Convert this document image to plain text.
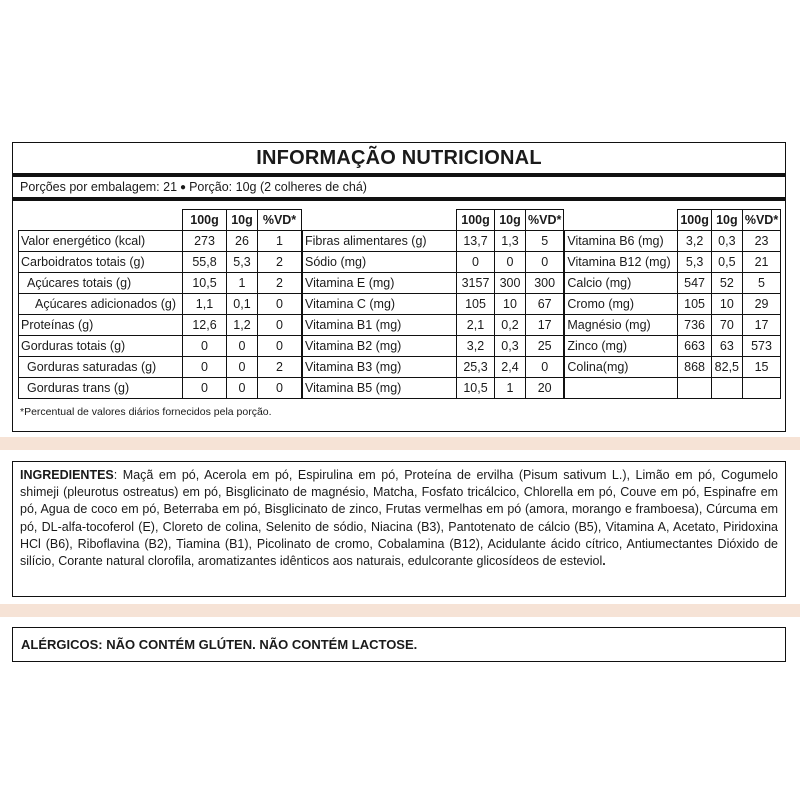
INFORMAÇÃO NUTRICIONAL
Porções por embalagem: 21 ● Porção: 10g (2 colheres de chá)
	100g	10g	%VD*
Valor energético (kcal)	273	26	1
Carboidratos totais (g)	55,8	5,3	2
Açúcares totais (g)	10,5	1	2
Açúcares adicionados (g)	1,1	0,1	0
Proteínas (g)	12,6	1,2	0
Gorduras totais (g)	0	0	0
Gorduras saturadas (g)	0	0	2
Gorduras trans (g)	0	0	0
	100g	10g	%VD*
Fibras alimentares (g)	13,7	1,3	5
Sódio (mg)	0	0	0
Vitamina E (mg)	3157	300	300
Vitamina C (mg)	105	10	67
Vitamina B1 (mg)	2,1	0,2	17
Vitamina B2 (mg)	3,2	0,3	25
Vitamina B3 (mg)	25,3	2,4	0
Vitamina B5 (mg)	10,5	1	20
	100g	10g	%VD*
Vitamina B6 (mg)	3,2	0,3	23
Vitamina B12 (mg)	5,3	0,5	21
Calcio (mg)	547	52	5
Cromo (mg)	105	10	29
Magnésio (mg)	736	70	17
Zinco (mg)	663	63	573
Colina(mg)	868	82,5	15

*Percentual de valores diários fornecidos pela porção.
INGREDIENTES: Maçã em pó, Acerola em pó, Espirulina em pó, Proteína de ervilha (Pisum sativum L.), Limão em pó, Cogumelo shimeji (pleurotus ostreatus) em pó, Bisglicinato de magnésio, Matcha, Fosfato tricálcico, Chlorella em pó, Couve em pó, Espinafre em pó, Agua de coco em pó, Beterraba em pó, Bisglicinato de zinco, Frutas vermelhas em pó (amora, morango e framboesa), Cúrcuma em pó, DL-alfa-tocoferol (E), Cloreto de colina, Selenito de sódio, Niacina (B3), Pantotenato de cálcio (B5), Vitamina A, Acetato, Piridoxina HCl (B6), Riboflavina (B2), Tiamina (B1), Picolinato de cromo, Cobalamina (B12), Acidulante ácido cítrico, Antiumectantes Dióxido de silício, Corante natural clorofila, aromatizantes idênticos aos naturais, edulcorante glicosídeos de esteviol.
ALÉRGICOS: NÃO CONTÉM GLÚTEN. NÃO CONTÉM LACTOSE.
